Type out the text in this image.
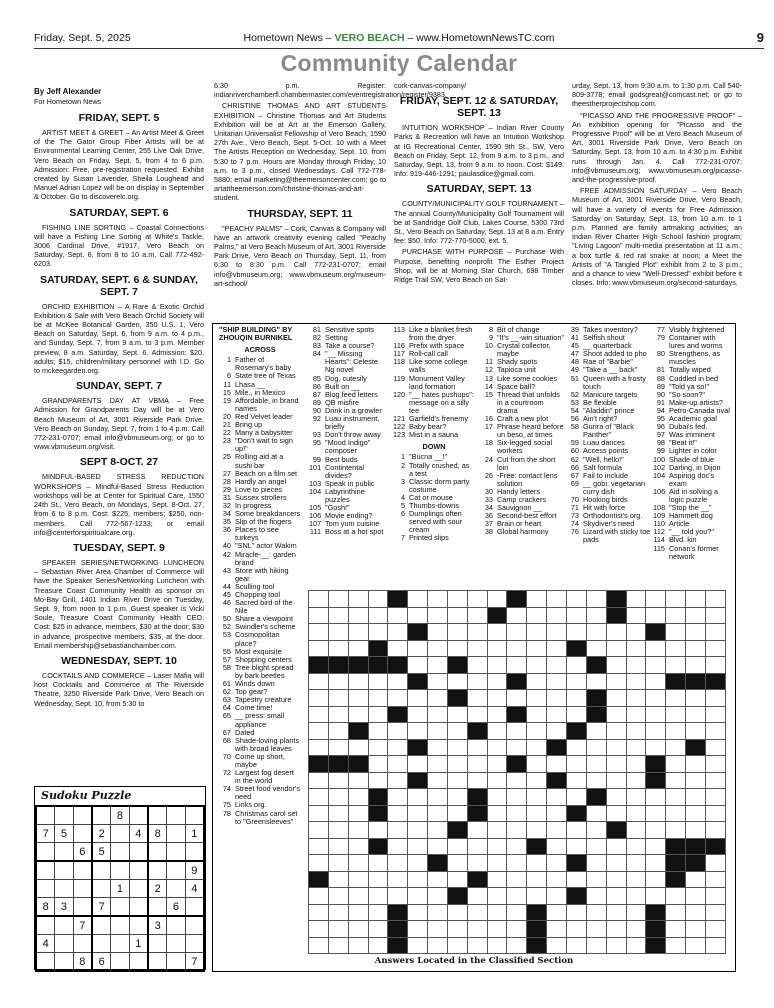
Friday, Sept. 5, 2025	Hometown News – VERO BEACH – www.HometownNewsTC.com	9
Community Calendar
By Jeff Alexander
For Hometown News
FRIDAY, SEPT. 5

ARTIST MEET & GREET – An Artist Meet & Greet of the The Gator Group Fiber Artists will be at Environmental Learning Center, 255 Live Oak Drive, Vero Beach on Friday, Sept. 5, from 4 to 6 p.m. Admission: Free, pre-registration requested. Exhibit created by Susan Lavender, Sheila Loughead and Manuel Adrian Lopez will be on display in September & October. Go to discoverelc.org.

SATURDAY, SEPT. 6

FISHING LINE SORTING – Coastal Connections will have a Fishing Line Sorting at White's Tackle, 3006 Cardinal Drive, #1917, Vero Beach on Saturday, Sept. 6, from 8 to 10 a.m. Call 772-492-6203.

SATURDAY, SEPT. 6 & SUNDAY, SEPT. 7

ORCHID EXHIBITION – A Rare & Exotic Orchid Exhibition & Sale with Vero Beach Orchid Society will be at McKee Botanical Garden, 350 U.S. 1, Vero Beach on Saturday, Sept. 6, from 9 a.m. to 4 p.m., and Sunday, Sept. 7, from 9 a.m. to 3 p.m. Member preview, 8 a.m. Saturday, Sept. 6. Admission: $20, adults; $15, children/military personnel with I.D. Go to mckeegarden.org.

SUNDAY, SEPT. 7

GRANDPARENTS DAY AT VBMA – Free Admission for Grandparents Day will be at Vero Beach Museum of Art, 3001 Riverside Park Drive, Vero Beach on Sunday, Sept. 7, from 1 to 4 p.m. Call 772-231-0707; email info@vbmuseum.org; or go to www.vbmuseum.org/visit.

SEPT 8-OCT. 27

MINDFUL-BASED STRESS REDUCTION WORKSHOPS – Mindful-Based Stress Reduction workshops will be at Center for Spiritual Care, 1550 24th St., Vero Beach, on Mondays, Sept. 8-Oct. 27, from 6 to 8 p.m. Cost: $225, members; $250, non-members. Call 772-567-1233; or email info@centerforspiritualcare.org.

TUESDAY, SEPT. 9

SPEAKER SERIES/NETWORKING LUNCHEON – Sebastian River Area Chamber of Commerce will have the Speaker Series/Networking Luncheon with Treasure Coast Community Health as sponsor on Mo-Bay Grill, 1401 Indian River Drive on Tuesday, Sept. 9, from noon to 1 p.m. Guest speaker is Vicki Soule, Treasure Coast Community Health CEO. Cost: $25 in advance, members, $30 at the door; $30 in advance, prospective members, $35, at the door. Email membership@sebastianchamber.com.

WEDNESDAY, SEPT. 10

COCKTAILS AND COMMERCE – Laser Mafia will host Cocktails and Commerce at The Riverside Theatre, 3250 Riverside Park Drive, Vero Beach on Wednesday, Sept. 10, from 5:30 to

6:30 p.m. Register: indianriverchamberfl.chambermaster.com/eventregistration/register/9383.

CHRISTINE THOMAS AND ART STUDENTS EXHIBITION – Christine Thomas and Art Students Exhibition will be at Art at the Emerson Gallery, Unitarian Universalist Fellowship of Vero Beach, 1590 27th Ave., Vero Beach, Sept. 5-Oct. 10 with a Meet The Artists Reception on Wednesday, Sept. 10, from 5:30 to 7 p.m. Hours are Monday through Friday, 10 a.m. to 3 p.m., closed Wednesdays. Call 772-778-5880; email marketing@theemersoncenter.com; go to artattheemerson.com/christine-thomas-and-art-student.

THURSDAY, SEPT. 11

"PEACHY PALMS" – Cork, Canvas & Company will have an artwork creativity evening called "Peachy Palms," at Vero Beach Museum of Art, 3001 Riverside Park Drive, Vero Beach on Thursday, Sept. 11, from 6:30 to 8:30 p.m. Call 772-231-0707; email info@vbmuseum.org; www.vbmuseum.org/museum-art-school/

cork-canvas-company/

FRIDAY, SEPT. 12 & SATURDAY, SEPT. 13

INTUITION WORKSHOP – Indian River County Parks & Recreation will have an Intuition Workshop at IG Recreational Center, 1590 9th St., SW, Vero Beach on Friday, Sept. 12, from 9 a.m. to 3 p.m., and Saturday, Sept. 13, from 9 a.m. to noon. Cost: $149. Info: 919-446-1291; paulasdice@gmail.com.

SATURDAY, SEPT. 13

COUNTY/MUNICIPALITY GOLF TOURNAMENT – The annual County/Municipality Golf Tournament will be at Sandridge Golf Club, Lakes Course, 5300 73rd St., Vero Beach on Saturday, Sept. 13 at 8 a.m. Entry fee: $50. Info: 772-770-5000, ext. 5.

PURCHASE WITH PURPOSE – Purchase With Purpose, benefiting nonprofit The Esther Project Shop, will be at Morning Star Church, 698 Timber Ridge Trail SW, Vero Beach on Sat-

urday, Sept. 13, from 9:30 a.m. to 1:30 p.m. Call 540-809-3778; email godsgreat@comcast.net; or go to theestherprojectshop.com.

"PICASSO AND THE PROGRESSIVE PROOF" – An exhibition opening for "Picasso and the Progressive Proof" will be at Vero Beach Museum of Art, 3001 Riverside Park Drive, Vero Beach on Saturday, Sept. 13, from 10 a.m. to 4:30 p.m. Exhibit runs through Jan. 4. Call 772-231-0707; info@vbmuseum.org; www.vbmuseum.org/picasso-and-the-progressive-proof.

FREE ADMISSION SATURDAY – Vero Beach Museum of Art, 3001 Riverside Drive, Vero Beach, will have a variety of events for Free Admission Saturday on Saturday, Sept. 13, from 10 a.m. to 1 p.m. Planned are family artmaking activities; an Indian River Charter High School fashion program; "Living Lagoon" multi-media presentation at 11 a.m.; a box turtle & red rat snake at noon; a Meet the Artists of "A Tangled Plot" exhibit from 2 to 3 p.m.; and a chance to view "Well-Dressed" exhibit before it closes. Info: www.vbmuseum.org/second-saturdays.

Sudoku Puzzle
				8				
7	5		2		4	8		1
		6	5					
								9
				1		2		4
8	3		7				6	
		7				3		
4					1			
		8	6					7
"SHIP BUILDING" BY ZHOUQIN BURNIKEL
ACROSS
1 Father of Rosemary's baby
6 State tree of Texas
11 Lhasa __
15 Mile., in Mexico
19 Affordable, in brand names
20 Red Velvet leader
21 Bring up
22 Many a babysitter
23 "Don't wait to sign up!"
25 Rolling aid at a sushi bar
27 Beach on a film set
28 Hardly an angel
29 Love to pieces
31 Sussex strollers
32 In progress
34 Some breakdancers
35 Slip of the fingers
36 Places to see turkeys
40 "SNL" actor Wakim
42 Miracle-__: garden brand
43 Store with hiking gear
44 Sculling tool
45 Chopping tool
46 Sacred bird of the Nile
50 Share a viewpoint
52 Swindler's scheme
53 Cosmopolitan place?
55 Most exquisite
57 Shopping centers
58 Tree blight spread by bark beetles
61 Winds down
62 Top gear?
63 Tapestry creature
64 Come time!
65 __ press: small appliance
67 Dated
68 Shade-loving plants with broad leaves
70 Come up short, maybe
72 Largest fog desert in the world
74 Street food vendor's need
75 Links org.
78 Christmas carol set to "Greensleeves"
81 Sensitive spots
82 Setting
83 Take a course?
84 "__ Missing Hearts": Celeste Ng novel
85 Dog, cutesily
86 Built on __
87 Blog feed letters
89 QB misfire
90 Drink in a growler
92 Luau instrument, briefly
93 Don't throw away
95 "Mood Indigo" composer
99 Best buds
101 Contintental divides?
103 Speak in public
104 Labyrinthine puzzles
105 "Gosh!"
106 Movie ending?
107 Tom yum cuisine
111 Boss at a hot spot
113 Like a blanket fresh from the dryer
116 Prefix with space
117 Roll-call call
118 Like some college walls
119 Monument Valley land formation
120 "__ hates pushups": message on a silly tee
121 Garfield's frenemy
122 Baby bear?
123 Mist in a sauna
DOWN
1 "Bucna __!"
2 Totally crushed, as a test
3 Classic dorm party costume
4 Cat or mouse
5 Thumbs-downs
6 Dumplings often served with sour cream
7 Printed slips
8 Bit of change
9 "It's __-win situation"
10 Crystal collector, maybe
11 Shady spots
12 Tapioca unit
13 Like some cookies
14 Space ball?
15 Thread that unfolds in a courtroom drama
16 Craft a new plot
17 Phrase heard before un beso, at times
18 Six-legged social workers
24 Cut from the short loin
26 -Free: contact lens solution
30 Handy letters
33 Camp crackers
34 Sauvignon __
36 Second-best effort
37 Brain or heart
38 Global harmony
39 Takes inventory?
41 Selfish shout
45 __ quarterback
47 Shoot added to pho
48 Rae of "Barbie"
49 "Take a __ back"
51 Queen with a frosty touch
52 Manicure targets
53 Be flexible
54 "Aladdin" prince
56 Ain't right?
58 Gurira of "Black Panther"
59 Luau dances
60 Access points
62 "Well, hello!"
66 Salt formula
67 Fail to include
69 __ gobi: vegetarian curry dish
70 Hooking birds
71 Hit with force
73 Orthodontist's org.
74 Skydiver's need
76 Lizard with sticky toe pads
77 Visibly frightened
79 Container with lures and worms
80 Strengthens, as muscles
81 Totally wiped
88 Cuddled in bed
89 "Told ya so!"
90 "So soon?"
91 Make-up artists?
94 Petro-Canada rival
95 Academic goal
96 Dubai's fed.
97 Was imminent
98 "Beat it!"
99 Lighter in color
100 Shade of blue
102 Darling, in Dijon
104 Aspiring doc's exam
106 Aid in solving a logic puzzle
108 "Stop the __"
109 Hammett dog
110 Article
112 "__ told you?"
114 Blvd. kin
115 Conan's former network

Answers Located in the Classified Section
